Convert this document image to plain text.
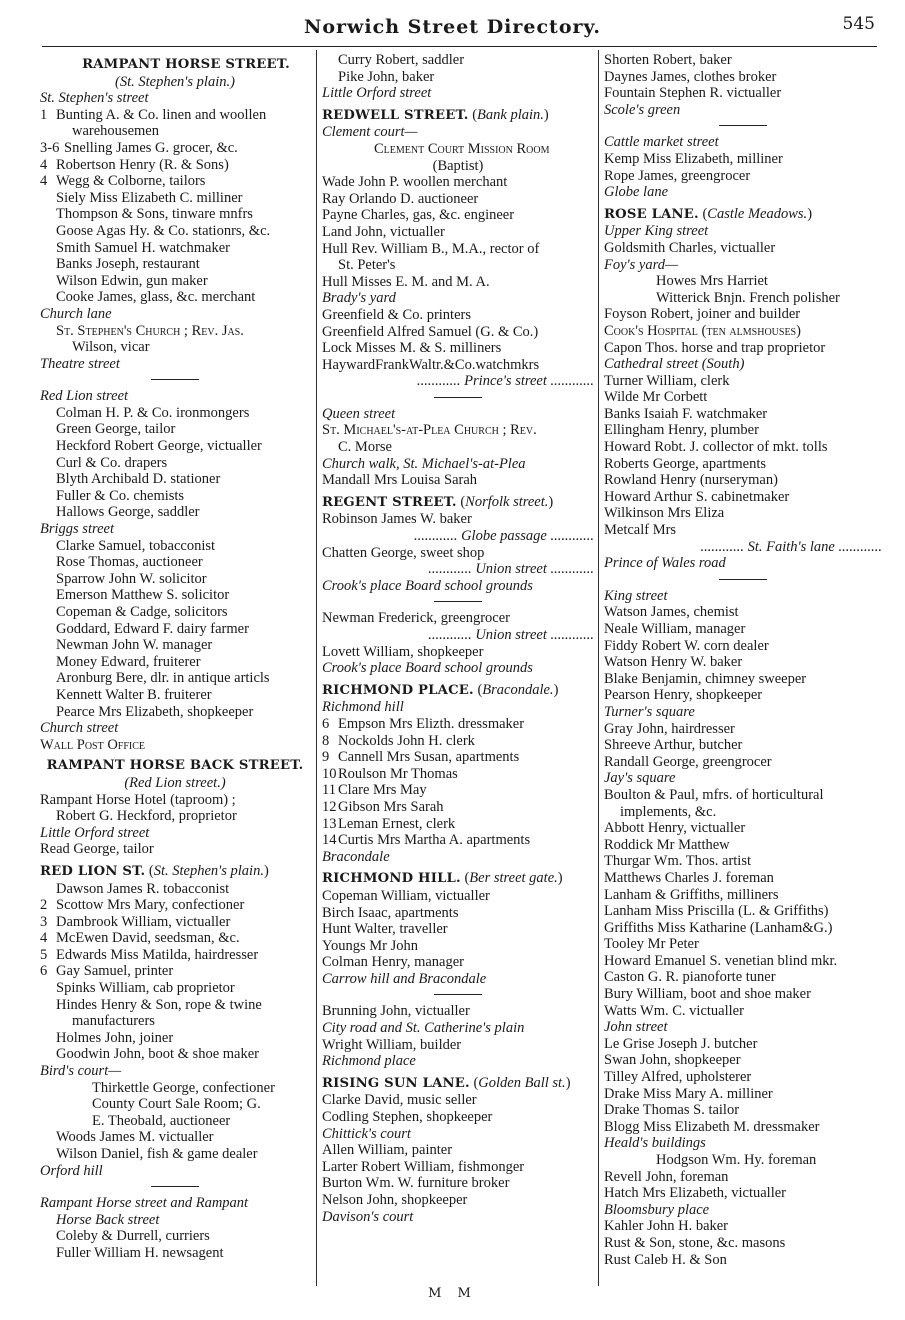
Norwich Street Directory.	545
RAMPANT HORSE STREET.
(St. Stephen's plain.)
St. Stephen's street
1 Bunting A. & Co. linen and woollen
warehousemen
3-6 Snelling James G. grocer, &c.
4 Robertson Henry (R. & Sons)
4 Wegg & Colborne, tailors
Siely Miss Elizabeth C. milliner
Thompson & Sons, tinware mnfrs
Goose Agas Hy. & Co. stationrs, &c.
Smith Samuel H. watchmaker
Banks Joseph, restaurant
Wilson Edwin, gun maker
Cooke James, glass, &c. merchant
Church lane
St. Stephen's Church ; Rev. Jas.
Wilson, vicar
Theatre street
Red Lion street
Colman H. P. & Co. ironmongers
Green George, tailor
Heckford Robert George, victualler
Curl & Co. drapers
Blyth Archibald D. stationer
Fuller & Co. chemists
Hallows George, saddler
Briggs street
Clarke Samuel, tobacconist
Rose Thomas, auctioneer
Sparrow John W. solicitor
Emerson Matthew S. solicitor
Copeman & Cadge, solicitors
Goddard, Edward F. dairy farmer
Newman John W. manager
Money Edward, fruiterer
Aronburg Bere, dlr. in antique articls
Kennett Walter B. fruiterer
Pearce Mrs Elizabeth, shopkeeper
Church street
Wall Post Office
RAMPANT HORSE BACK STREET.
(Red Lion street.)
Rampant Horse Hotel (taproom) ;
Robert G. Heckford, proprietor
Little Orford street
Read George, tailor
RED LION ST. (St. Stephen's plain.)
Dawson James R. tobacconist
2 Scottow Mrs Mary, confectioner
3 Dambrook William, victualler
4 McEwen David, seedsman, &c.
5 Edwards Miss Matilda, hairdresser
6 Gay Samuel, printer
Spinks William, cab proprietor
Hindes Henry & Son, rope & twine
manufacturers
Holmes John, joiner
Goodwin John, boot & shoe maker
Bird's court—
Thirkettle George, confectioner
County Court Sale Room; G.
E. Theobald, auctioneer
Woods James M. victualler
Wilson Daniel, fish & game dealer
Orford hill
Rampant Horse street and Rampant
Horse Back street
Coleby & Durrell, curriers
Fuller William H. newsagent
Curry Robert, saddler
Pike John, baker
Little Orford street
REDWELL STREET. (Bank plain.)
Clement court—
Clement Court Mission Room
(Baptist)
Wade John P. woollen merchant
Ray Orlando D. auctioneer
Payne Charles, gas, &c. engineer
Land John, victualler
Hull Rev. William B., M.A., rector of
St. Peter's
Hull Misses E. M. and M. A.
Brady's yard
Greenfield & Co. printers
Greenfield Alfred Samuel (G. & Co.)
Lock Misses M. & S. milliners
HaywardFrankWaltr.&Co.watchmkrs
............ Prince's street ............
Queen street
St. Michael's-at-Plea Church ; Rev.
C. Morse
Church walk, St. Michael's-at-Plea
Mandall Mrs Louisa Sarah
REGENT STREET. (Norfolk street.)
Robinson James W. baker
............ Globe passage ............
Chatten George, sweet shop
............ Union street ............
Crook's place Board school grounds
Newman Frederick, greengrocer
............ Union street ............
Lovett William, shopkeeper
Crook's place Board school grounds
RICHMOND PLACE. (Bracondale.)
Richmond hill
6 Empson Mrs Elizth. dressmaker
8 Nockolds John H. clerk
9 Cannell Mrs Susan, apartments
10 Roulson Mr Thomas
11 Clare Mrs May
12 Gibson Mrs Sarah
13 Leman Ernest, clerk
14 Curtis Mrs Martha A. apartments
Bracondale
RICHMOND HILL. (Ber street gate.)
Copeman William, victualler
Birch Isaac, apartments
Hunt Walter, traveller
Youngs Mr John
Colman Henry, manager
Carrow hill and Bracondale
Brunning John, victualler
City road and St. Catherine's plain
Wright William, builder
Richmond place
RISING SUN LANE. (Golden Ball st.)
Clarke David, music seller
Codling Stephen, shopkeeper
Chittick's court
Allen William, painter
Larter Robert William, fishmonger
Burton Wm. W. furniture broker
Nelson John, shopkeeper
Davison's court
Shorten Robert, baker
Daynes James, clothes broker
Fountain Stephen R. victualler
Scole's green
Cattle market street
Kemp Miss Elizabeth, milliner
Rope James, greengrocer
Globe lane
ROSE LANE. (Castle Meadows.)
Upper King street
Goldsmith Charles, victualler
Foy's yard—
Howes Mrs Harriet
Witterick Bnjn. French polisher
Foyson Robert, joiner and builder
Cook's Hospital (ten almshouses)
Capon Thos. horse and trap proprietor
Cathedral street (South)
Turner William, clerk
Wilde Mr Corbett
Banks Isaiah F. watchmaker
Ellingham Henry, plumber
Howard Robt. J. collector of mkt. tolls
Roberts George, apartments
Rowland Henry (nurseryman)
Howard Arthur S. cabinetmaker
Wilkinson Mrs Eliza
Metcalf Mrs
............ St. Faith's lane ............
Prince of Wales road
King street
Watson James, chemist
Neale William, manager
Fiddy Robert W. corn dealer
Watson Henry W. baker
Blake Benjamin, chimney sweeper
Pearson Henry, shopkeeper
Turner's square
Gray John, hairdresser
Shreeve Arthur, butcher
Randall George, greengrocer
Jay's square
Boulton & Paul, mfrs. of horticultural
implements, &c.
Abbott Henry, victualler
Roddick Mr Matthew
Thurgar Wm. Thos. artist
Matthews Charles J. foreman
Lanham & Griffiths, milliners
Lanham Miss Priscilla (L. & Griffiths)
Griffiths Miss Katharine (Lanham&G.)
Tooley Mr Peter
Howard Emanuel S. venetian blind mkr.
Caston G. R. pianoforte tuner
Bury William, boot and shoe maker
Watts Wm. C. victualler
John street
Le Grise Joseph J. butcher
Swan John, shopkeeper
Tilley Alfred, upholsterer
Drake Miss Mary A. milliner
Drake Thomas S. tailor
Blogg Miss Elizabeth M. dressmaker
Heald's buildings
Hodgson Wm. Hy. foreman
Revell John, foreman
Hatch Mrs Elizabeth, victualler
Bloomsbury place
Kahler John H. baker
Rust & Son, stone, &c. masons
Rust Caleb H. & Son
M M
